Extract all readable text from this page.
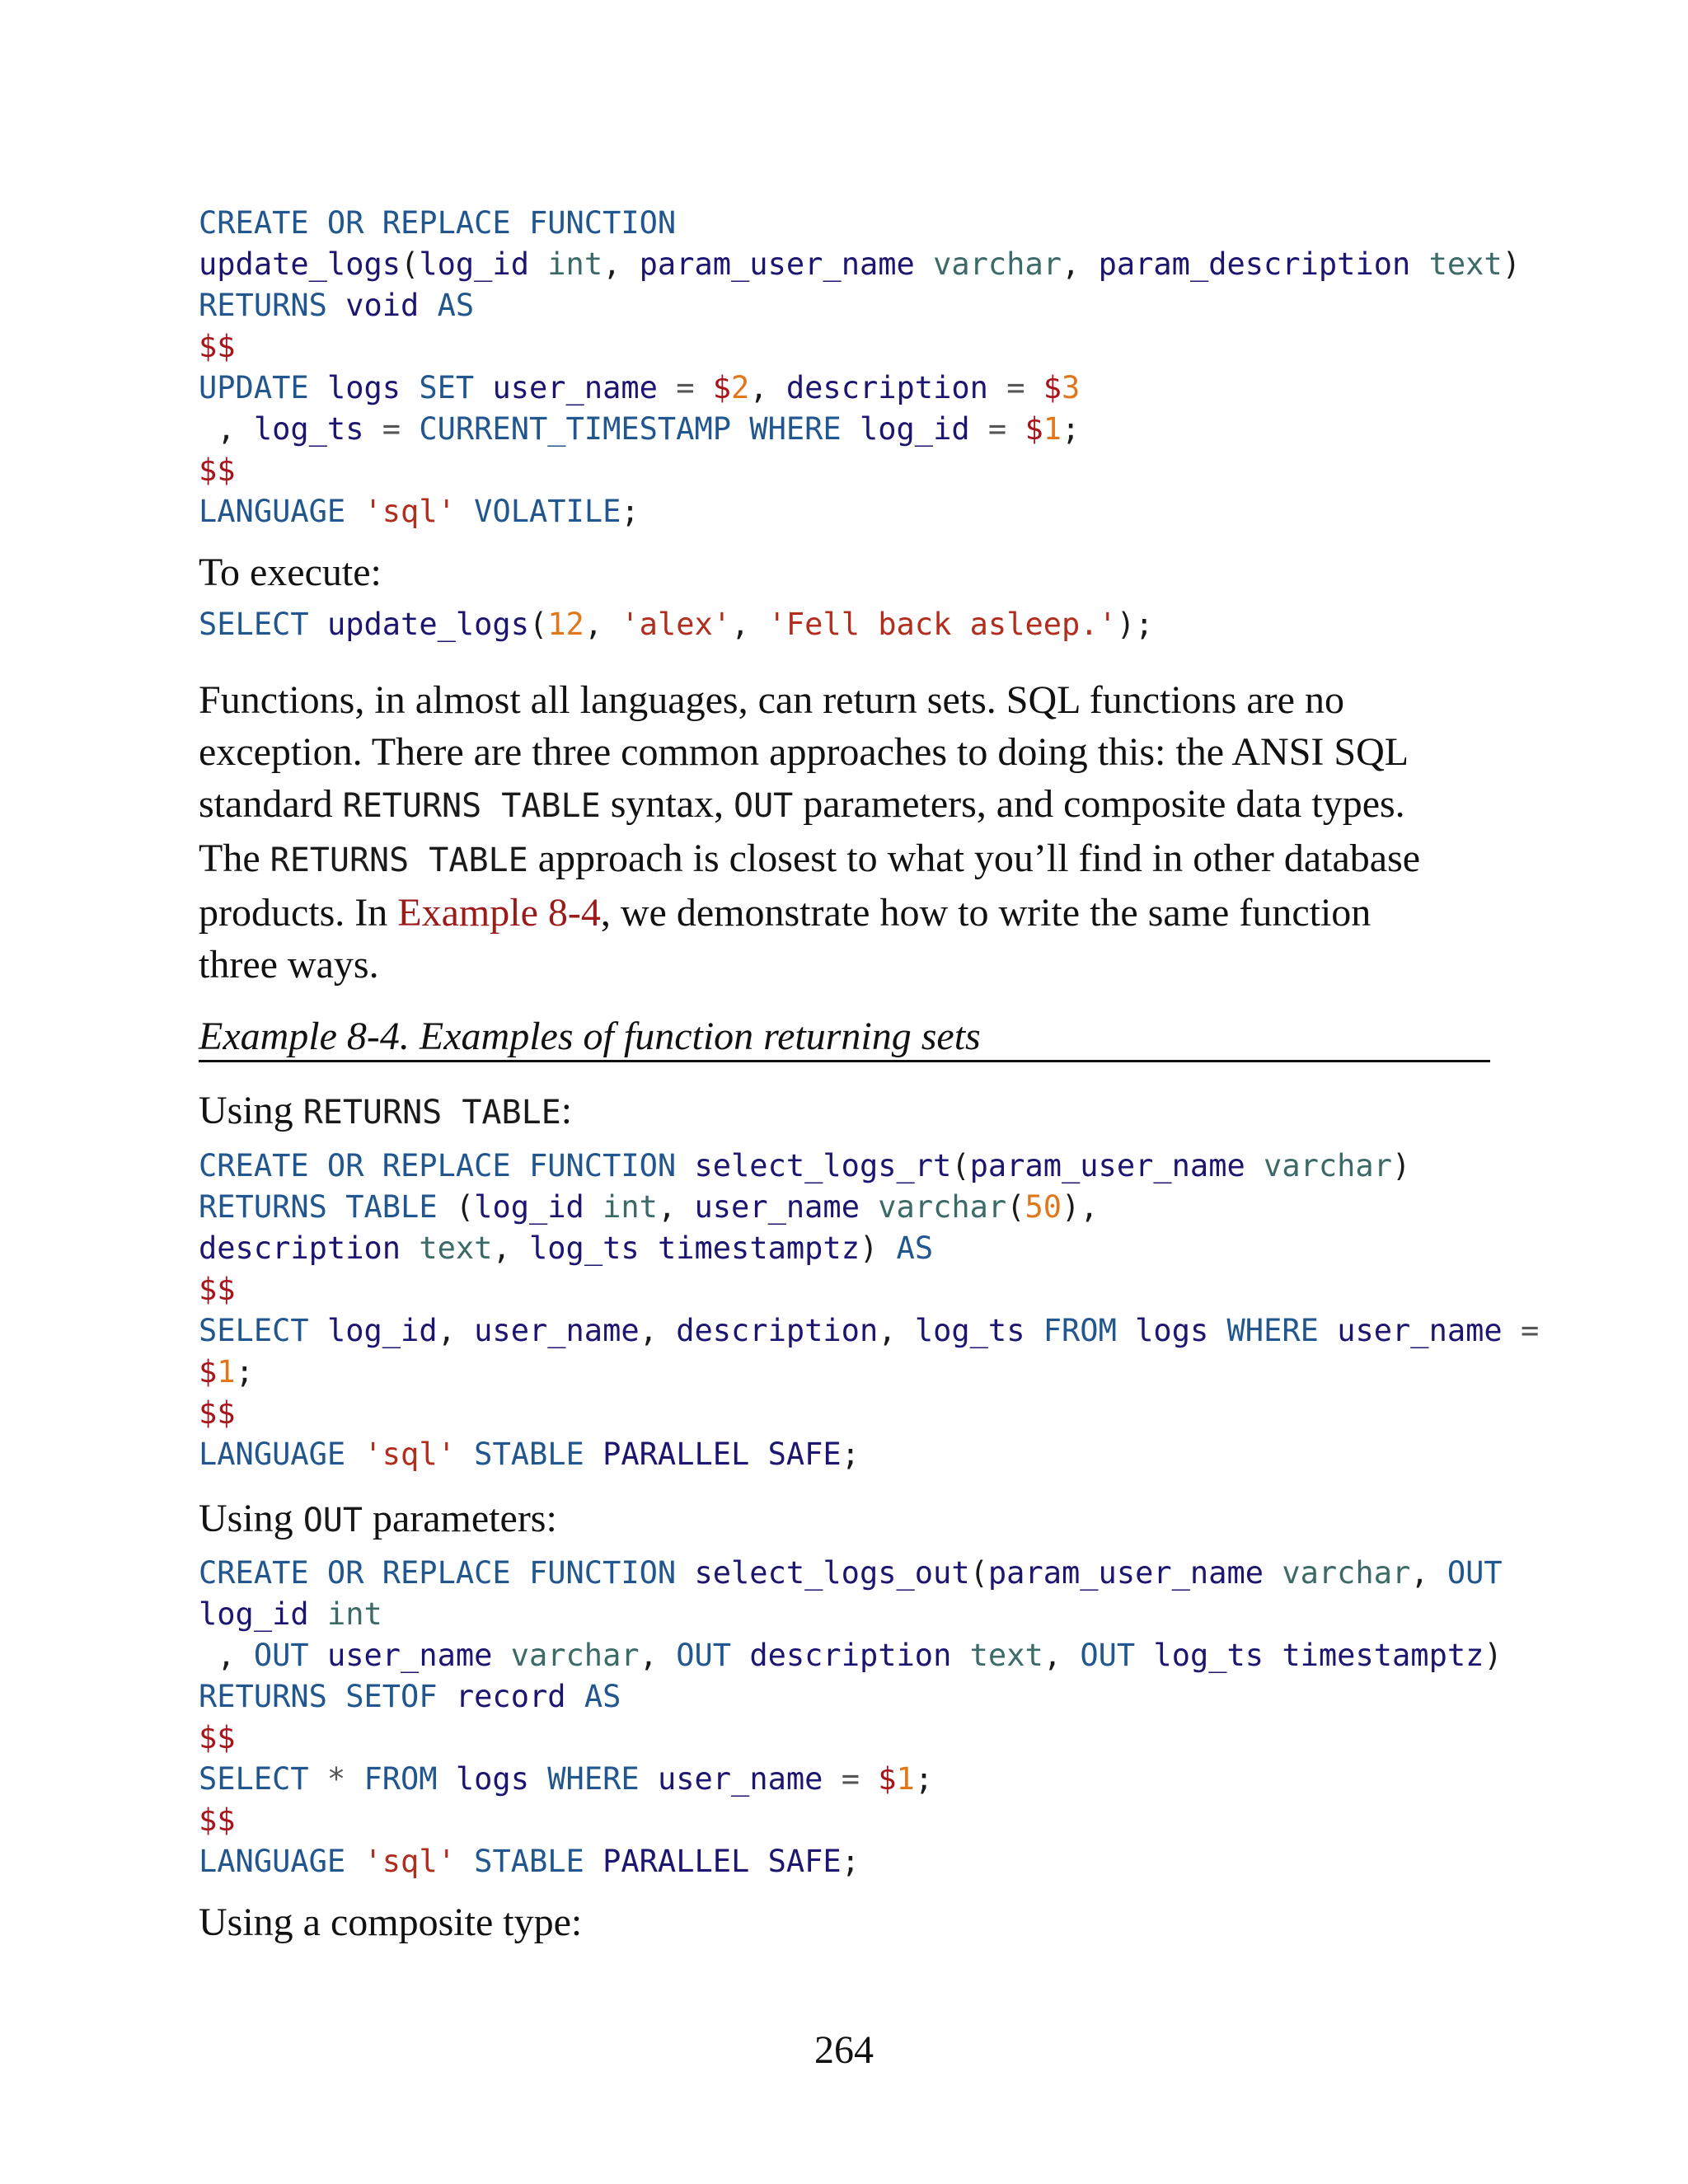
CREATE OR REPLACE FUNCTION
update_logs(log_id int, param_user_name varchar, param_description text)
RETURNS void AS
$$
UPDATE logs SET user_name = $2, description = $3
, log_ts = CURRENT_TIMESTAMP WHERE log_id = $1;
$$
LANGUAGE 'sql' VOLATILE;

To execute:

SELECT update_logs(12, 'alex', 'Fell back asleep.');
Functions, in almost all languages, can return sets. SQL functions are no
exception. There are three common approaches to doing this: the ANSI SQL
standard RETURNS TABLE syntax, OUT parameters, and composite data types.
The RETURNS TABLE approach is closest to what you’ll find in other database
products. In Example 8-4, we demonstrate how to write the same function
three ways.

Example 8-4. Examples of function returning sets

Using RETURNS TABLE:

CREATE OR REPLACE FUNCTION select_logs_rt(param_user_name varchar)
RETURNS TABLE (log_id int, user_name varchar(50),
description text, log_ts timestamptz) AS
$$
SELECT log_id, user_name, description, log_ts FROM logs WHERE user_name =
$1;
$$
LANGUAGE 'sql' STABLE PARALLEL SAFE;

Using OUT parameters:

CREATE OR REPLACE FUNCTION select_logs_out(param_user_name varchar, OUT
log_id int
, OUT user_name varchar, OUT description text, OUT log_ts timestamptz)
RETURNS SETOF record AS
$$
SELECT * FROM logs WHERE user_name = $1;
$$
LANGUAGE 'sql' STABLE PARALLEL SAFE;

Using a composite type:

264
